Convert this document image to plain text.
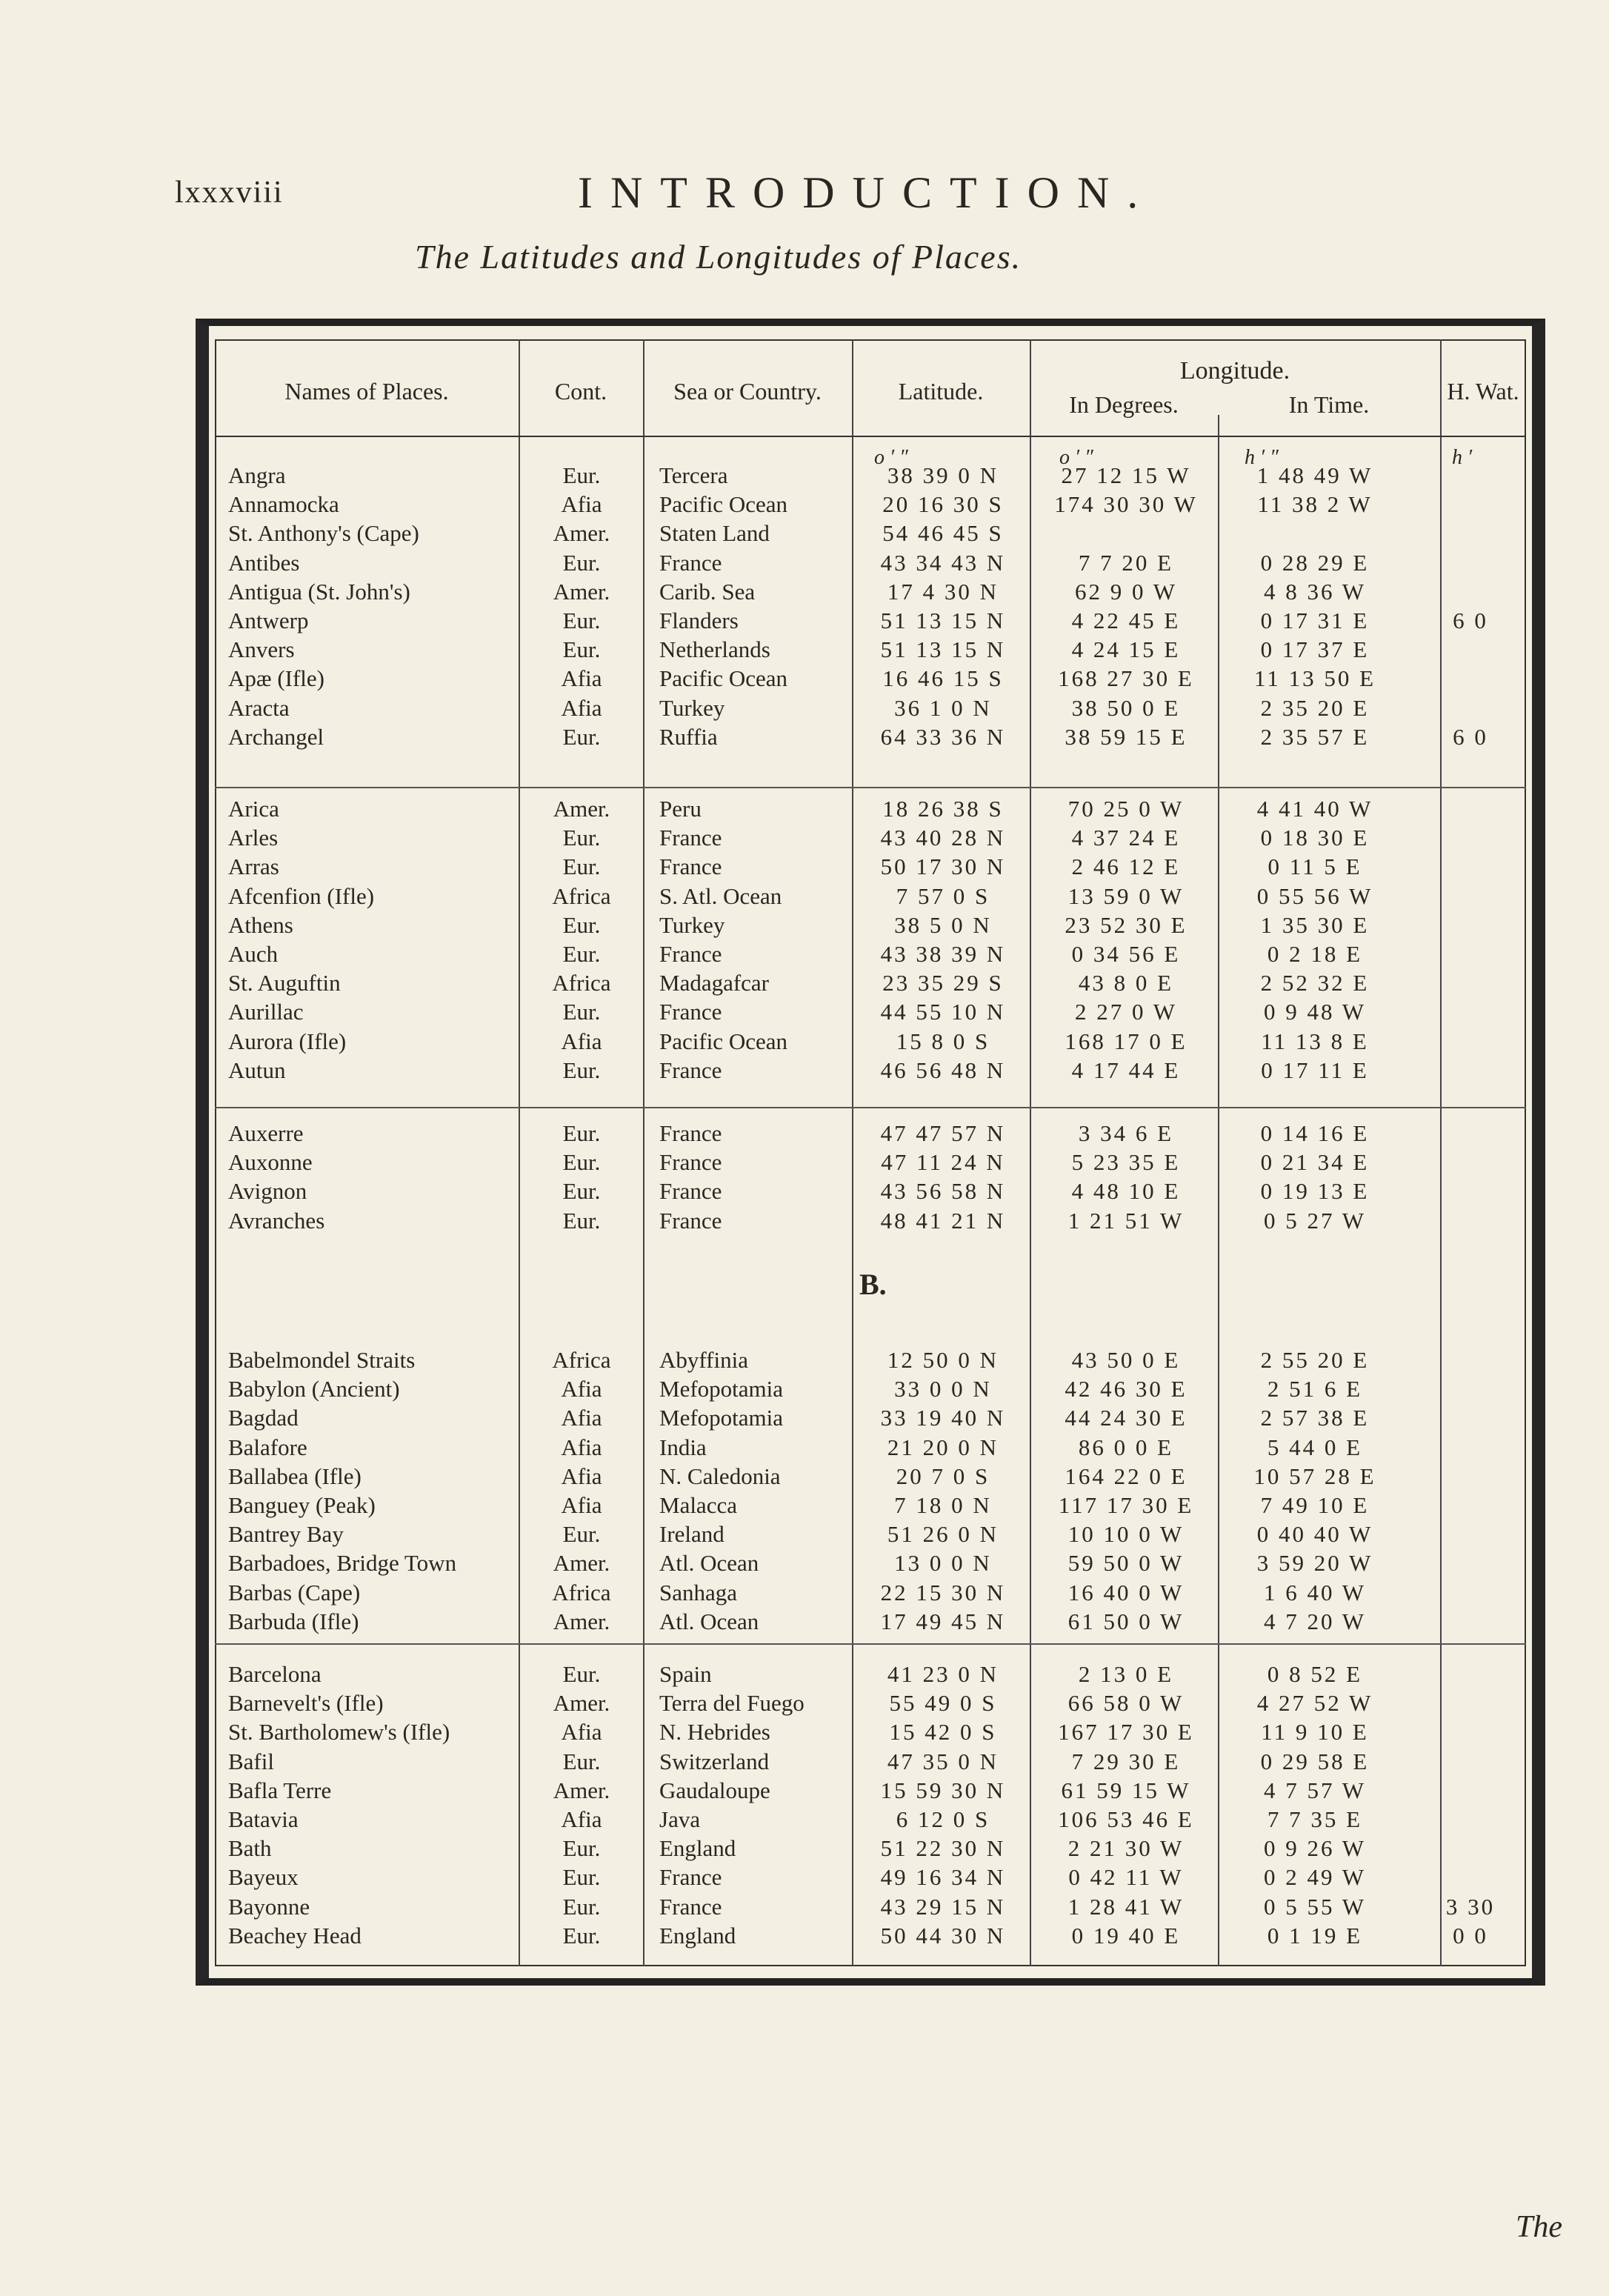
lxxxviii	INTRODUCTION.
The Latitudes and Longitudes of Places.
Names of Places.	Cont.	Sea or Country.	Latitude.
Longitude.
In Degrees.	In Time.	H. Wat.
o ′ ″	o ′ ″	h ′ ″	h ′
B.
Angra	Eur.	Tercera	38 39 0 N	27 12 15 W	1 48 49 W
Annamocka	Afia	Pacific Ocean	20 16 30 S	174 30 30 W	11 38 2 W
St. Anthony's (Cape)	Amer.	Staten Land	54 46 45 S
Antibes	Eur.	France	43 34 43 N	7 7 20 E	0 28 29 E
Antigua (St. John's)	Amer.	Carib. Sea	17 4 30 N	62 9 0 W	4 8 36 W
Antwerp	Eur.	Flanders	51 13 15 N	4 22 45 E	0 17 31 E	6 0
Anvers	Eur.	Netherlands	51 13 15 N	4 24 15 E	0 17 37 E
Apæ (Ifle)	Afia	Pacific Ocean	16 46 15 S	168 27 30 E	11 13 50 E
Aracta	Afia	Turkey	36 1 0 N	38 50 0 E	2 35 20 E
Archangel	Eur.	Ruffia	64 33 36 N	38 59 15 E	2 35 57 E	6 0
Arica	Amer.	Peru	18 26 38 S	70 25 0 W	4 41 40 W
Arles	Eur.	France	43 40 28 N	4 37 24 E	0 18 30 E
Arras	Eur.	France	50 17 30 N	2 46 12 E	0 11 5 E
Afcenfion (Ifle)	Africa	S. Atl. Ocean	7 57 0 S	13 59 0 W	0 55 56 W
Athens	Eur.	Turkey	38 5 0 N	23 52 30 E	1 35 30 E
Auch	Eur.	France	43 38 39 N	0 34 56 E	0 2 18 E
St. Auguftin	Africa	Madagafcar	23 35 29 S	43 8 0 E	2 52 32 E
Aurillac	Eur.	France	44 55 10 N	2 27 0 W	0 9 48 W
Aurora (Ifle)	Afia	Pacific Ocean	15 8 0 S	168 17 0 E	11 13 8 E
Autun	Eur.	France	46 56 48 N	4 17 44 E	0 17 11 E
Auxerre	Eur.	France	47 47 57 N	3 34 6 E	0 14 16 E
Auxonne	Eur.	France	47 11 24 N	5 23 35 E	0 21 34 E
Avignon	Eur.	France	43 56 58 N	4 48 10 E	0 19 13 E
Avranches	Eur.	France	48 41 21 N	1 21 51 W	0 5 27 W
Babelmondel Straits	Africa	Abyffinia	12 50 0 N	43 50 0 E	2 55 20 E
Babylon (Ancient)	Afia	Mefopotamia	33 0 0 N	42 46 30 E	2 51 6 E
Bagdad	Afia	Mefopotamia	33 19 40 N	44 24 30 E	2 57 38 E
Balafore	Afia	India	21 20 0 N	86 0 0 E	5 44 0 E
Ballabea (Ifle)	Afia	N. Caledonia	20 7 0 S	164 22 0 E	10 57 28 E
Banguey (Peak)	Afia	Malacca	7 18 0 N	117 17 30 E	7 49 10 E
Bantrey Bay	Eur.	Ireland	51 26 0 N	10 10 0 W	0 40 40 W
Barbadoes, Bridge Town	Amer.	Atl. Ocean	13 0 0 N	59 50 0 W	3 59 20 W
Barbas (Cape)	Africa	Sanhaga	22 15 30 N	16 40 0 W	1 6 40 W
Barbuda (Ifle)	Amer.	Atl. Ocean	17 49 45 N	61 50 0 W	4 7 20 W
Barcelona	Eur.	Spain	41 23 0 N	2 13 0 E	0 8 52 E
Barnevelt's (Ifle)	Amer.	Terra del Fuego	55 49 0 S	66 58 0 W	4 27 52 W
St. Bartholomew's (Ifle)	Afia	N. Hebrides	15 42 0 S	167 17 30 E	11 9 10 E
Bafil	Eur.	Switzerland	47 35 0 N	7 29 30 E	0 29 58 E
Bafla Terre	Amer.	Gaudaloupe	15 59 30 N	61 59 15 W	4 7 57 W
Batavia	Afia	Java	6 12 0 S	106 53 46 E	7 7 35 E
Bath	Eur.	England	51 22 30 N	2 21 30 W	0 9 26 W
Bayeux	Eur.	France	49 16 34 N	0 42 11 W	0 2 49 W
Bayonne	Eur.	France	43 29 15 N	1 28 41 W	0 5 55 W	3 30
Beachey Head	Eur.	England	50 44 30 N	0 19 40 E	0 1 19 E	0 0
The
